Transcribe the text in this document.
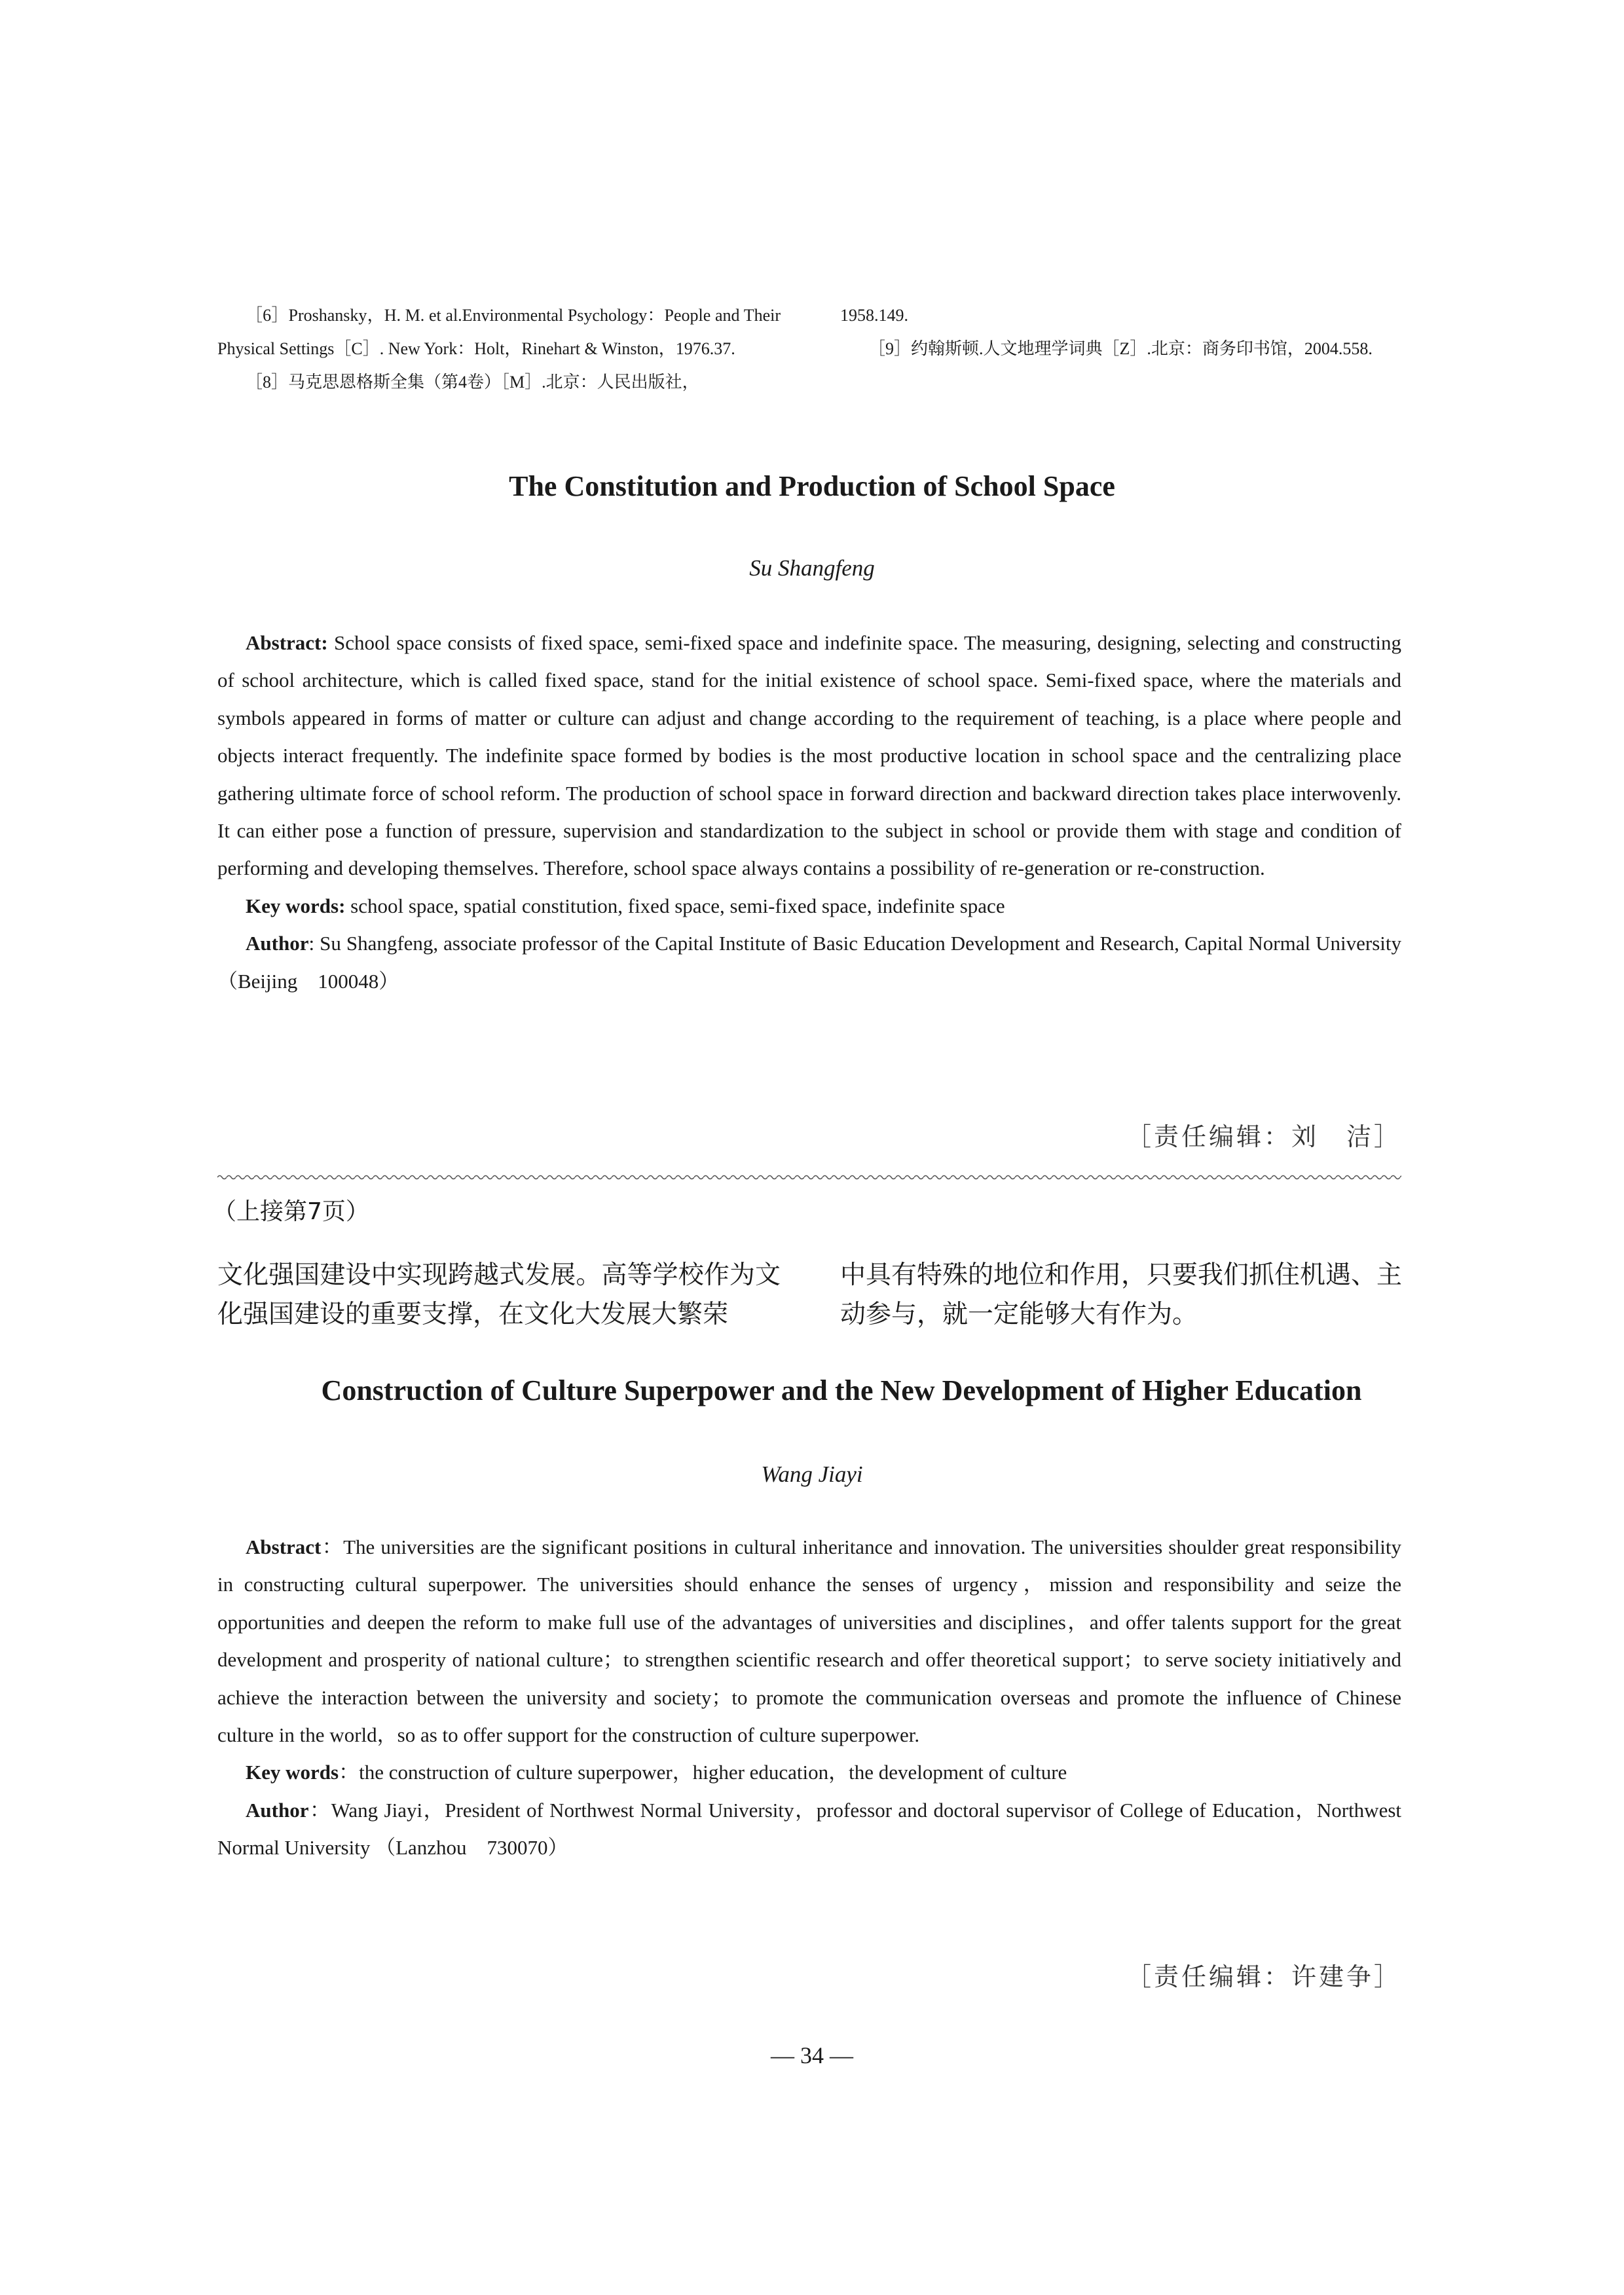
［6］Proshansky，H. M. et al.Environmental Psychology：People and Their Physical Settings［C］. New York：Holt，Rinehart & Winston，1976.37.

［8］马克思恩格斯全集（第4卷）［M］.北京：人民出版社，

1958.149.

［9］约翰斯顿.人文地理学词典［Z］.北京：商务印书馆，2004.558.

The Constitution and Production of School Space
Su Shangfeng

Abstract: School space consists of fixed space, semi-fixed space and indefinite space. The measuring, designing, selecting and constructing of school architecture, which is called fixed space, stand for the initial existence of school space. Semi-fixed space, where the materials and symbols appeared in forms of matter or culture can adjust and change according to the requirement of teaching, is a place where people and objects interact frequently. The indefinite space formed by bodies is the most productive location in school space and the centralizing place gathering ultimate force of school reform. The production of school space in forward direction and backward direction takes place interwovenly. It can either pose a function of pressure, supervision and standardization to the subject in school or provide them with stage and condition of performing and developing themselves. Therefore, school space always contains a possibility of re-generation or re-construction.

Key words: school space, spatial constitution, fixed space, semi-fixed space, indefinite space

Author: Su Shangfeng, associate professor of the Capital Institute of Basic Education Development and Research, Capital Normal University （Beijing　100048）

［责任编辑：刘　洁］
（上接第7页）

文化强国建设中实现跨越式发展。高等学校作为文化强国建设的重要支撑，在文化大发展大繁荣

中具有特殊的地位和作用，只要我们抓住机遇、主动参与，就一定能够大有作为。

Construction of Culture Superpower and the New Development of Higher Education
Wang Jiayi

Abstract：The universities are the significant positions in cultural inheritance and innovation. The universities shoulder great responsibility in constructing cultural superpower. The universities should enhance the senses of urgency，mission and responsibility and seize the opportunities and deepen the reform to make full use of the advantages of universities and disciplines，and offer talents support for the great development and prosperity of national culture；to strengthen scientific research and offer theoretical support；to serve society initiatively and achieve the interaction between the university and society；to promote the communication overseas and promote the influence of Chinese culture in the world，so as to offer support for the construction of culture superpower.

Key words：the construction of culture superpower，higher education，the development of culture

Author：Wang Jiayi，President of Northwest Normal University，professor and doctoral supervisor of College of Education，Northwest Normal University （Lanzhou　730070）

［责任编辑：许建争］
— 34 —
